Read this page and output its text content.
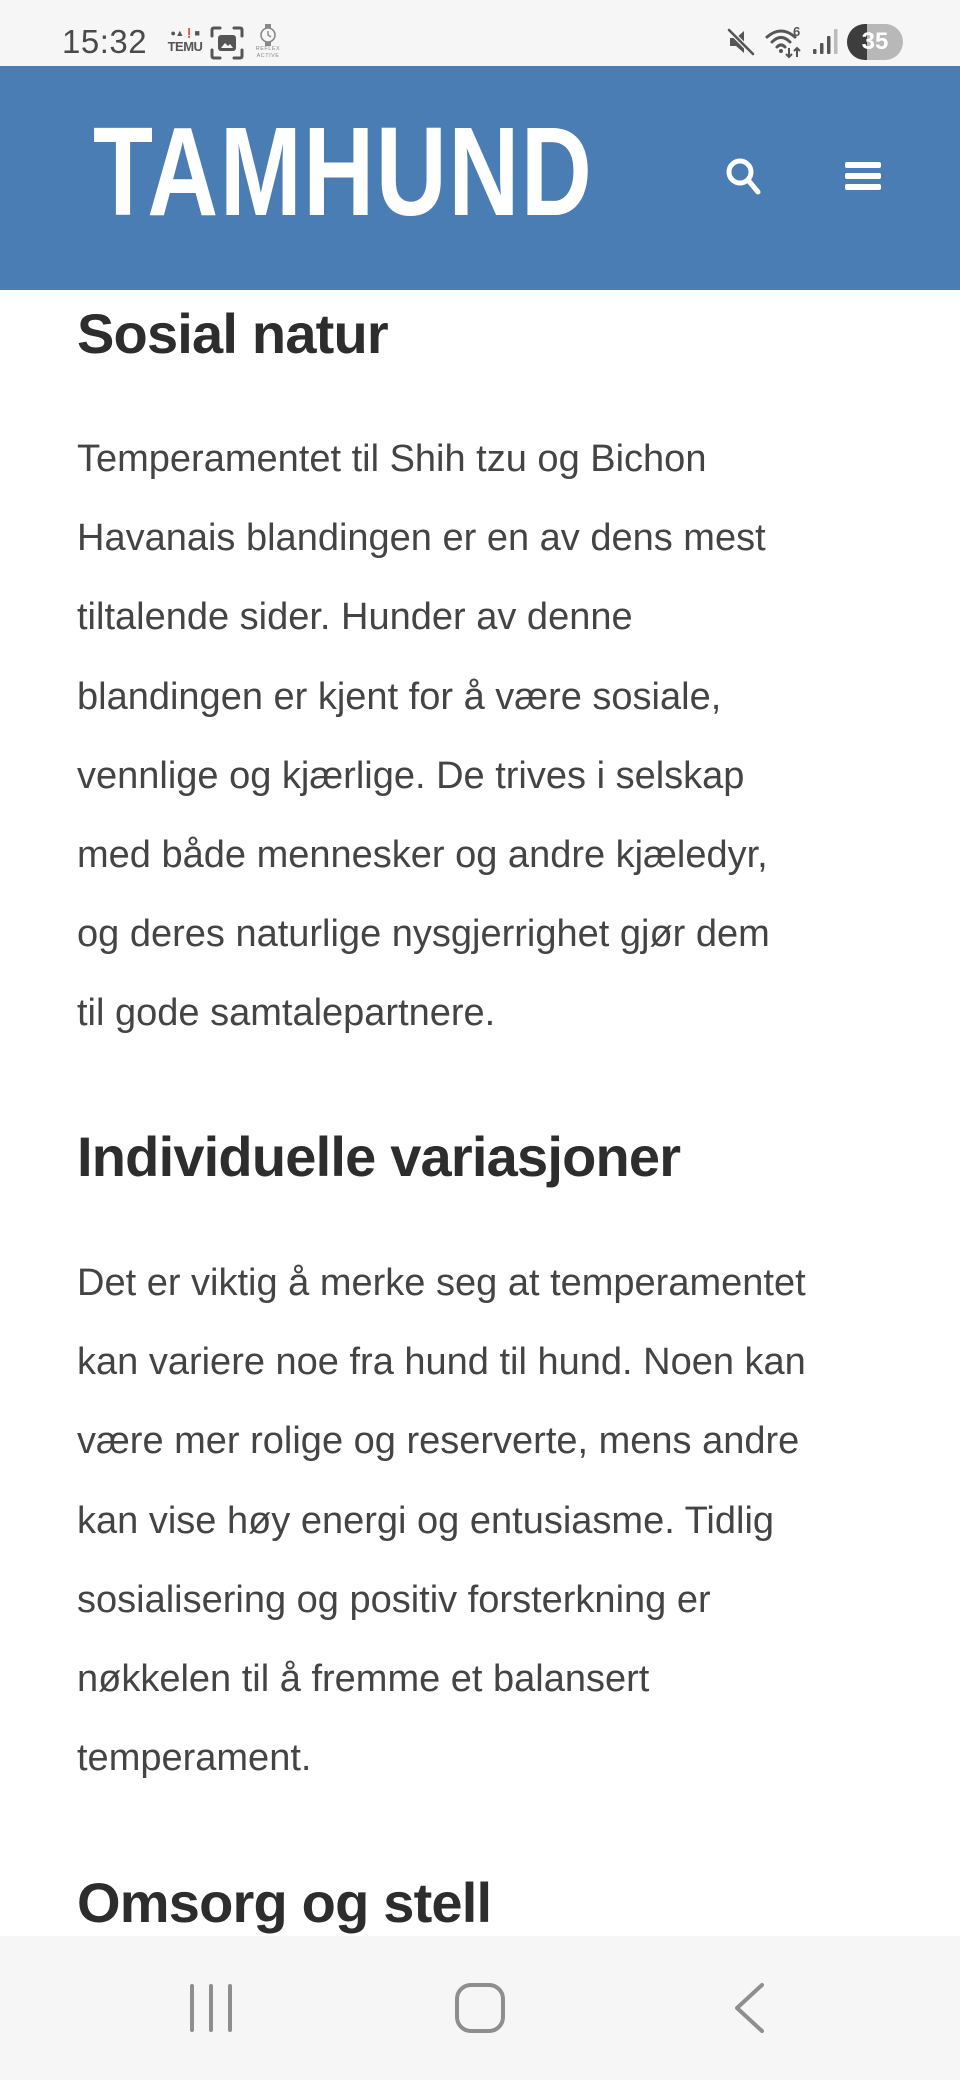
15:32	●▲❗■
TEMU	REFLEX
ACTIVE
6	35
TAMHUND
Sosial natur

Temperamentet til Shih tzu og Bichon
Havanais blandingen er en av dens mest
tiltalende sider. Hunder av denne
blandingen er kjent for å være sosiale,
vennlige og kjærlige. De trives i selskap
med både mennesker og andre kjæledyr,
og deres naturlige nysgjerrighet gjør dem
til gode samtalepartnere.

Individuelle variasjoner

Det er viktig å merke seg at temperamentet
kan variere noe fra hund til hund. Noen kan
være mer rolige og reserverte, mens andre
kan vise høy energi og entusiasme. Tidlig
sosialisering og positiv forsterkning er
nøkkelen til å fremme et balansert
temperament.

Omsorg og stell
